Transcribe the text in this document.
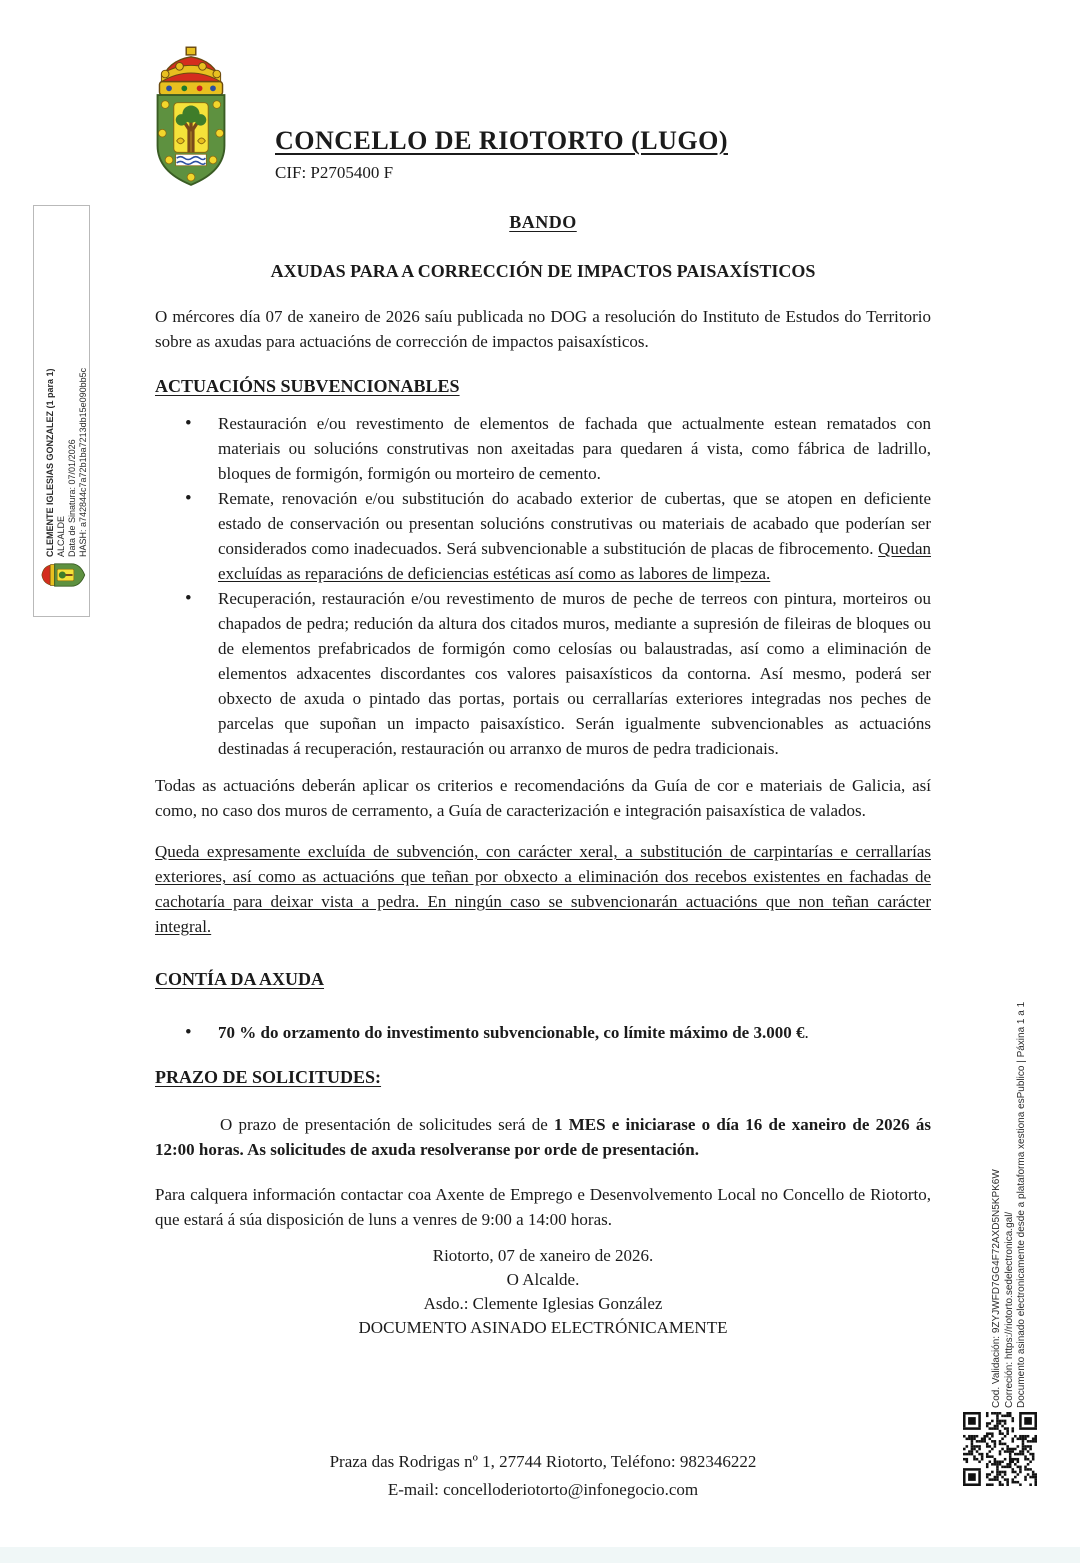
CONCELLO DE RIOTORTO (LUGO)
CIF: P2705400 F
CLEMENTE IGLESIAS GONZALEZ (1 para 1) ALCALDE Data de Sinatura: 07/01/2026 HASH: a742844c7a72b1ba7213db15e090bb5c
Cod. Validación: 9ZYJWFD7GG4F72AXD5N5KPK6W Correción: https://riotorto.sedelectronica.gal/ Documento asinado electronicamente desde a plataforma xestiona esPublico | Páxina 1 a 1
BANDO
AXUDAS PARA A CORRECCIÓN DE IMPACTOS PAISAXÍSTICOS

O mércores día 07 de xaneiro de 2026 saíu publicada no DOG a resolución do Instituto de Estudos do Territorio sobre as axudas para actuacións de corrección de impactos paisaxísticos.

ACTUACIÓNS SUBVENCIONABLES
• Restauración e/ou revestimento de elementos de fachada que actualmente estean rematados con materiais ou solucións construtivas non axeitadas para quedaren á vista, como fábrica de ladrillo, bloques de formigón, formigón ou morteiro de cemento.
• Remate, renovación e/ou substitución do acabado exterior de cubertas, que se atopen en deficiente estado de conservación ou presentan solucións construtivas ou materiais de acabado que poderían ser considerados como inadecuados. Será subvencionable a substitución de placas de fibrocemento. Quedan excluídas as reparacións de deficiencias estéticas así como as labores de limpeza.
• Recuperación, restauración e/ou revestimento de muros de peche de terreos con pintura, morteiros ou chapados de pedra; redución da altura dos citados muros, mediante a supresión de fileiras de bloques ou de elementos prefabricados de formigón como celosías ou balaustradas, así como a eliminación de elementos adxacentes discordantes cos valores paisaxísticos da contorna. Así mesmo, poderá ser obxecto de axuda o pintado das portas, portais ou cerrallarías exteriores integradas nos peches de parcelas que supoñan un impacto paisaxístico. Serán igualmente subvencionables as actuacións destinadas á recuperación, restauración ou arranxo de muros de pedra tradicionais.

Todas as actuacións deberán aplicar os criterios e recomendacións da Guía de cor e materiais de Galicia, así como, no caso dos muros de cerramento, a Guía de caracterización e integración paisaxística de valados.

Queda expresamente excluída de subvención, con carácter xeral, a substitución de carpintarías e cerrallarías exteriores, así como as actuacións que teñan por obxecto a eliminación dos recebos existentes en fachadas de cachotaría para deixar vista a pedra. En ningún caso se subvencionarán actuacións que non teñan carácter integral.

CONTÍA DA AXUDA
• 70 % do orzamento do investimento subvencionable, co límite máximo de 3.000 €.
PRAZO DE SOLICITUDES:

O prazo de presentación de solicitudes será de 1 MES e iniciarase o día 16 de xaneiro de 2026 ás 12:00 horas. As solicitudes de axuda resolveranse por orde de presentación.

Para calquera información contactar coa Axente de Emprego e Desenvolvemento Local no Concello de Riotorto, que estará á súa disposición de luns a venres de 9:00 a 14:00 horas.

Riotorto, 07 de xaneiro de 2026.
O Alcalde.
Asdo.: Clemente Iglesias González
DOCUMENTO ASINADO ELECTRÓNICAMENTE
Praza das Rodrigas nº 1, 27744 Riotorto, Teléfono: 982346222
E-mail: concelloderiotorto@infonegocio.com
